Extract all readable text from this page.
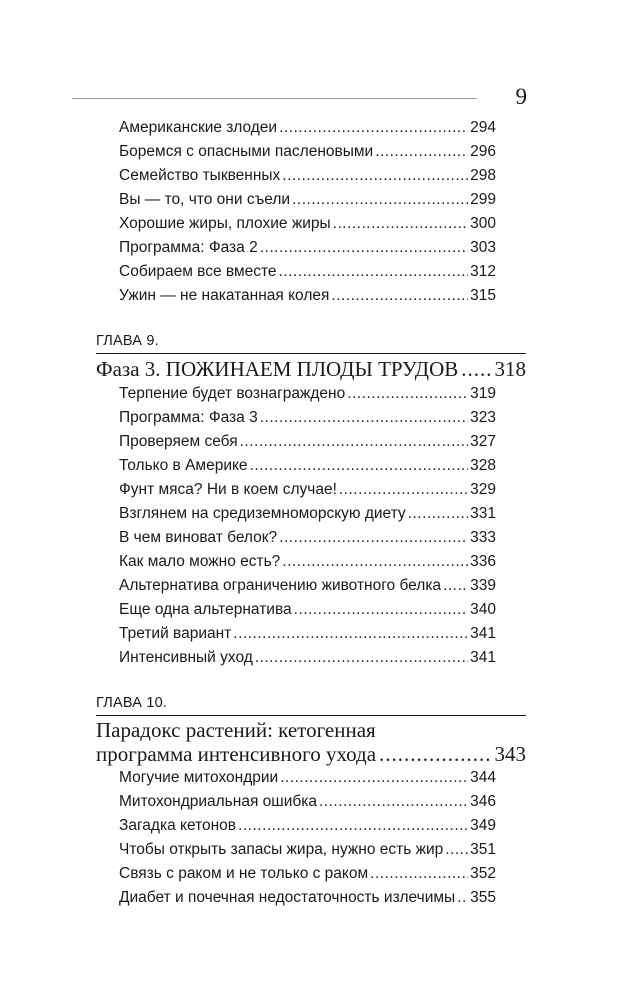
9
Американские злодеи .....	294
Боремся с опасными пасленовыми .....	296
Семейство тыквенных .....	298
Вы — то, что они съели .....	299
Хорошие жиры, плохие жиры .....	300
Программа: Фаза 2 .....	303
Собираем все вместе .....	312
Ужин — не накатанная колея .....	315
ГЛАВА 9.
Фаза 3. ПОЖИНАЕМ ПЛОДЫ ТРУДОВ ..... 318
Терпение будет вознаграждено .....	319
Программа: Фаза 3 .....	323
Проверяем себя .....	327
Только в Америке .....	328
Фунт мяса? Ни в коем случае! .....	329
Взглянем на средиземноморскую диету .....	331
В чем виноват белок? .....	333
Как мало можно есть? .....	336
Альтернатива ограничению животного белка ..... 339
Еще одна альтернатива .....	340
Третий вариант .....	341
Интенсивный уход .....	341
ГЛАВА 10.
Парадокс растений: кетогенная
программа интенсивного ухода .....	343
Могучие митохондрии .....	344
Митохондриальная ошибка .....	346
Загадка кетонов .....	349
Чтобы открыть запасы жира, нужно есть жир ..... 351
Связь с раком и не только с раком .....	352
Диабет и почечная недостаточность излечимы ..... 355
